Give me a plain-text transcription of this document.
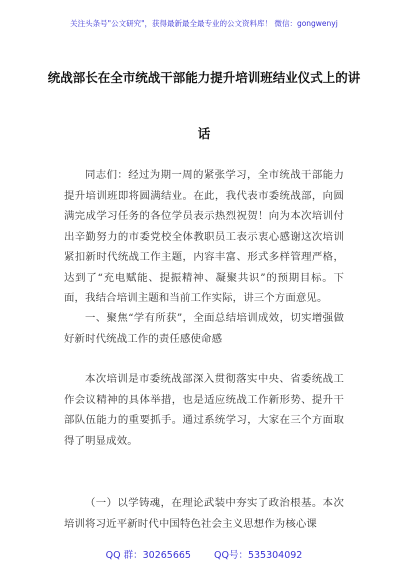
关注头条号"公文研究"，获得最新最全最专业的公文资料库！ 微信：gongwenyj
统战部长在全市统战干部能力提升培训班结业仪式上的讲
话

同志们：经过为期一周的紧张学习，全市统战干部能力提升培训班即将圆满结业。在此，我代表市委统战部，向圆满完成学习任务的各位学员表示热烈祝贺！向为本次培训付出辛勤努力的市委党校全体教职员工表示衷心感谢这次培训紧扣新时代统战工作主题，内容丰富、形式多样管理严格，达到了“充电赋能、提振精神、凝聚共识”的预期目标。下面，我结合培训主题和当前工作实际，讲三个方面意见。

一、聚焦“学有所获”，全面总结培训成效，切实增强做好新时代统战工作的责任感使命感

本次培训是市委统战部深入贯彻落实中央、省委统战工作会议精神的具体举措，也是适应统战工作新形势、提升干部队伍能力的重要抓手。通过系统学习，大家在三个方面取得了明显成效。

（一）以学铸魂，在理论武装中夯实了政治根基。本次培训将习近平新时代中国特色社会主义思想作为核心课

QQ 群：30265665 QQ号：535304092
